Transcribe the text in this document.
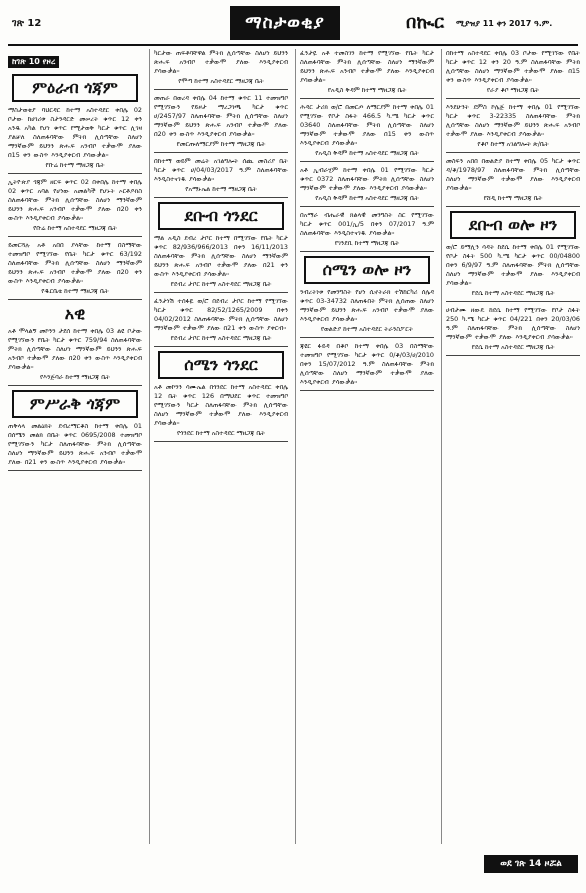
ገጽ 12	ማስታወቂያ	በኲር ሚያዝያ 11 ቀን 2017 ዓ.ም.
ከገጽ 10 የዞረ
ምዕራብ ጎጃም

ማስታወቂያ ባህርዳር ከተማ አስተዳደር ቀበሌ 02 ቦታው ከሀገሪቱ ስታንዳርድ መሠረት ቁጥር 12 ቀን አንዱ አካል የሆነ ቁጥር የሚታወቅ ካርታ ቁጥር ሊገዛ ያልቻለ ስለጠፋባቸው ምትክ ሊሰጣቸው ስለሆነ ማንኛውም ይህንን ጽሑፍ አንብቦ ተቃውሞ ያለው በ15 ቀን ውስጥ እንዲያቀርብ ያሳውቃል፡፡

የቡሬ ከተማ ማዘጋጃ ቤት

ኢትዮጵያ ጎጃም ዘርፍ ቁጥር 02 በቀበሌ ከተማ ቀበሌ 02 ቁጥር አባል የሆነው አመልካች የሆኑት ኦርቶዶክስ ስለጠፋባቸው ምትክ ሊሰጣቸው ስለሆነ ማንኛውም ይህንን ጽሑፍ አንብቦ ተቃውሞ ያለው በ20 ቀን ውስጥ እንዲያቀርብ ያሳውቃል፡፡

የቡሬ ከተማ አስተዳደር ማዘጋጃ ቤት

ይመርሻሉ አቶ አበበ ያላቸው ከተማ በስማቸው ተመዝግቦ የሚገኘው የቤት ካርታ ቁጥር 63/192 ስለጠፋባቸው ምትክ ሊሰጣቸው ስለሆነ ማንኛውም ይህንን ጽሑፍ አንብቦ ተቃውሞ ያለው በ20 ቀን ውስጥ እንዲያቀርብ ያሳውቃል፡፡

የዱርቤቴ ከተማ ማዘጋጃ ቤት
አዊ

አቶ ሞላልኝ መኮንን ታደሰ ከተማ ቀበሌ 03 ልዩ ቦታው የሚገኘውን የቤት ካርታ ቁጥር 759/94 ስለጠፋባቸው ምትክ ሊሰጣቸው ስለሆነ ማንኛውም ይህንን ጽሑፍ አንብቦ ተቃውሞ ያለው በ20 ቀን ውስጥ እንዲያቀርብ ያሳውቃል፡፡

የእንጅባራ ከተማ ማዘጋጃ ቤት
ምሥራቅ ጎጃም

ጠቅላላ መልዕክት ደብረማርቆስ ከተማ ቀበሌ 01 በሰሜን መልክ በቤት ቁጥር 0695/2008 ተመዝግቦ የሚገኘውን ካርታ ስለጠፋባቸው ምትክ ሊሰጣቸው ስለሆነ ማንኛውም ይህንን ጽሑፍ አንብቦ ተቃውሞ ያለው በ21 ቀን ውስጥ እንዲያቀርብ ያሳውቃል፡፡

ካርታው ጠፍቶባቸዋል ምትክ ሊሰጣቸው ስለሆነ ይህንን ጽሑፍ አንብቦ ተቃውሞ ያለው እንዲያቀርብ ያሳውቃል፡፡

የሞጣ ከተማ አስተዳደር ማዘጋጃ ቤት

መጠራ በወረዳ ቀበሌ 04 ከተማ ቁጥር 11 ተመዝግቦ የሚገኘውን የይዞታ ማረጋገጫ ካርታ ቁጥር ሀ/2457/97 ስለጠፋባቸው ምትክ ሊሰጣቸው ስለሆነ ማንኛውም ይህንን ጽሑፍ አንብቦ ተቃውሞ ያለው በ20 ቀን ውስጥ እንዲያቀርብ ያሳውቃል፡፡

የመርጡለማርያም ከተማ ማዘጋጃ ቤት

በከተማ ወይም መሬት አገልግሎት ሰጪ መስሪያ ቤት ካርታ ቁጥር ሀ/04/03/2017 ዓ.ም ስለጠፋባቸው እንዲስተናገዱ ያሳውቃል፡፡

የአማኑኤል ከተማ ማዘጋጃ ቤት
ደቡብ ጎንደር

ማል አዲስ ደብረ ታቦር ከተማ በሚገኘው የቤት ካርታ ቁጥር 82/936/966/2013 በቀን 16/11/2013 ስለጠፋባቸው ምትክ ሊሰጣቸው ስለሆነ ማንኛውም ይህንን ጽሑፍ አንብቦ ተቃውሞ ያለው በ21 ቀን ውስጥ እንዲያቀርብ ያሳውቃል፡፡

የደብረ ታቦር ከተማ አስተዳደር ማዘጋጃ ቤት

ፈንታነሽ ተሰፋዬ ወ/ሮ በደብረ ታቦር ከተማ የሚገኘው ካርታ ቁጥር 82/52/1265/2009 በቀን 04/02/2012 ስለጠፋባቸው ምትክ ሊሰጣቸው ስለሆነ ማንኛውም ተቃውሞ ያለው በ21 ቀን ውስጥ ያቀርብ፡፡

የደብረ ታቦር ከተማ አስተዳደር ማዘጋጃ ቤት
ሰሜን ጎንደር

አቶ መኮንን ሳሙኤል በጎንደር ከተማ አስተዳደር ቀበሌ 12 ቤት ቁጥር 126 በማህደር ቁጥር ተመዝግቦ የሚገኘውን ካርታ ስለጠፋባቸው ምትክ ሊሰጣቸው ስለሆነ ማንኛውም ተቃውሞ ያለው እንዲያቀርብ ያሳውቃል፡፡

የጎንደር ከተማ አስተዳደር ማዘጋጃ ቤት

ፈንታዬ አቶ ተመስገን ከተማ የሚገኘው የቤት ካርታ ስለጠፋባቸው ምትክ ሊሰጣቸው ስለሆነ ማንኛውም ይህንን ጽሑፍ አንብቦ ተቃውሞ ያለው እንዲያቀርብ ያሳውቃል፡፡

የአዲስ ቅዳም ከተማ ማዘጋጃ ቤት

ሕዳር ታሪክ ወ/ሮ በመርጦ ለማርያም ከተማ ቀበሌ 01 የሚገኘው የቦታ ስፋት 466.5 ካ.ሜ ካርታ ቁጥር 03640 ስለጠፋባቸው ምትክ ሊሰጣቸው ስለሆነ ማንኛውም ተቃውሞ ያለው በ15 ቀን ውስጥ እንዲያቀርብ ያሳውቃል፡፡

የአዲስ ቅዳም ከተማ አስተዳደር ማዘጋጃ ቤት

አቶ ኢብራሂም ከተማ ቀበሌ 01 የሚገኘው ካርታ ቁጥር 0372 ስለጠፋባቸው ምትክ ሊሰጣቸው ስለሆነ ማንኛውም ተቃውሞ ያለው እንዲያቀርብ ያሳውቃል፡፡

የአዲስ ቅዳም ከተማ አስተዳደር ማዘጋጃ ቤት

በአማራ ብሔራዊ ክልላዊ መንግስት ስር የሚገኘው ካርታ ቁጥር 001/ኢ/5 በቀን 07/2017 ዓ.ም ስለጠፋባቸው እንዲስተናገዱ ያሳውቃል፡፡

የገንደቢ ከተማ ማዘጋጃ ቤት
ሰሜን ወሎ ዞን

ንብረትነቱ የመንግስት የሆነ ሲኖትራክ ተሽከርካሪ ሰሌዳ ቁጥር 03-34732 ስለጠፋበት ምትክ ሊሰጠው ስለሆነ ማንኛውም ይህንን ጽሑፍ አንብቦ ተቃውሞ ያለው እንዲያቀርብ ያሳውቃል፡፡

የወልድያ ከተማ አስተዳደር ትራንስፖርት

ጃዩር ፋይዳ በቆቦ ከተማ ቀበሌ 03 በስማቸው ተመዝግቦ የሚገኘው ካርታ ቁጥር 0/ቆ/03/ሀ/2010 በቀን 15/07/2012 ዓ.ም ስለጠፋባቸው ምትክ ሊሰጣቸው ስለሆነ ማንኛውም ተቃውሞ ያለው እንዲያቀርብ ያሳውቃል፡፡

በከተማ አስተዳደር ቀበሌ 03 ቦታው የሚገኘው የቤት ካርታ ቁጥር 12 ቀን 20 ዓ.ም ስለጠፋባቸው ምትክ ሊሰጣቸው ስለሆነ ማንኛውም ተቃውሞ ያለው በ15 ቀን ውስጥ እንዲያቀርብ ያሳውቃል፡፡

የራያ ቆቦ ማዘጋጃ ቤት

እንደሁንት ደምስ ኮሌጅ ከተማ ቀበሌ 01 የሚገኘው ካርታ ቁጥር 3-22335 ስለጠፋባቸው ምትክ ሊሰጣቸው ስለሆነ ማንኛውም ይህንን ጽሑፍ አንብቦ ተቃውሞ ያለው እንዲያቀርብ ያሳውቃል፡፡

የቆቦ ከተማ አገልግሎት ጽ/ቤት

መስፍን አበበ በወልድያ ከተማ ቀበሌ 05 ካርታ ቁጥር ዳ/ቆ/1978/97 ስለጠፋባቸው ምትክ ሊሰጣቸው ስለሆነ ማንኛውም ተቃውሞ ያለው እንዲያቀርብ ያሳውቃል፡፡

የሸዲ ከተማ ማዘጋጃ ቤት
ደቡብ ወሎ ዞን

ወ/ሮ ይማሊን ሳዳት ከደሴ ከተማ ቀበሌ 01 የሚገኘው የቦታ ስፋት 500 ካ.ሜ ካርታ ቁጥር 00/04800 በቀን 6/9/97 ዓ.ም ስለጠፋባቸው ምትክ ሊሰጣቸው ስለሆነ ማንኛውም ተቃውሞ ያለው እንዲያቀርብ ያሳውቃል፡፡

የደሴ ከተማ አስተዳደር ማዘጋጃ ቤት

ሀብታሙ ዘውዴ ከደሴ ከተማ የሚገኘው የቦታ ስፋት 250 ካ.ሜ ካርታ ቁጥር 04/221 በቀን 20/03/06 ዓ.ም ስለጠፋባቸው ምትክ ሊሰጣቸው ስለሆነ ማንኛውም ተቃውሞ ያለው እንዲያቀርብ ያሳውቃል፡፡

የደሴ ከተማ አስተዳደር ማዘጋጃ ቤት
ወደ ገጽ 14 ዞሯል
